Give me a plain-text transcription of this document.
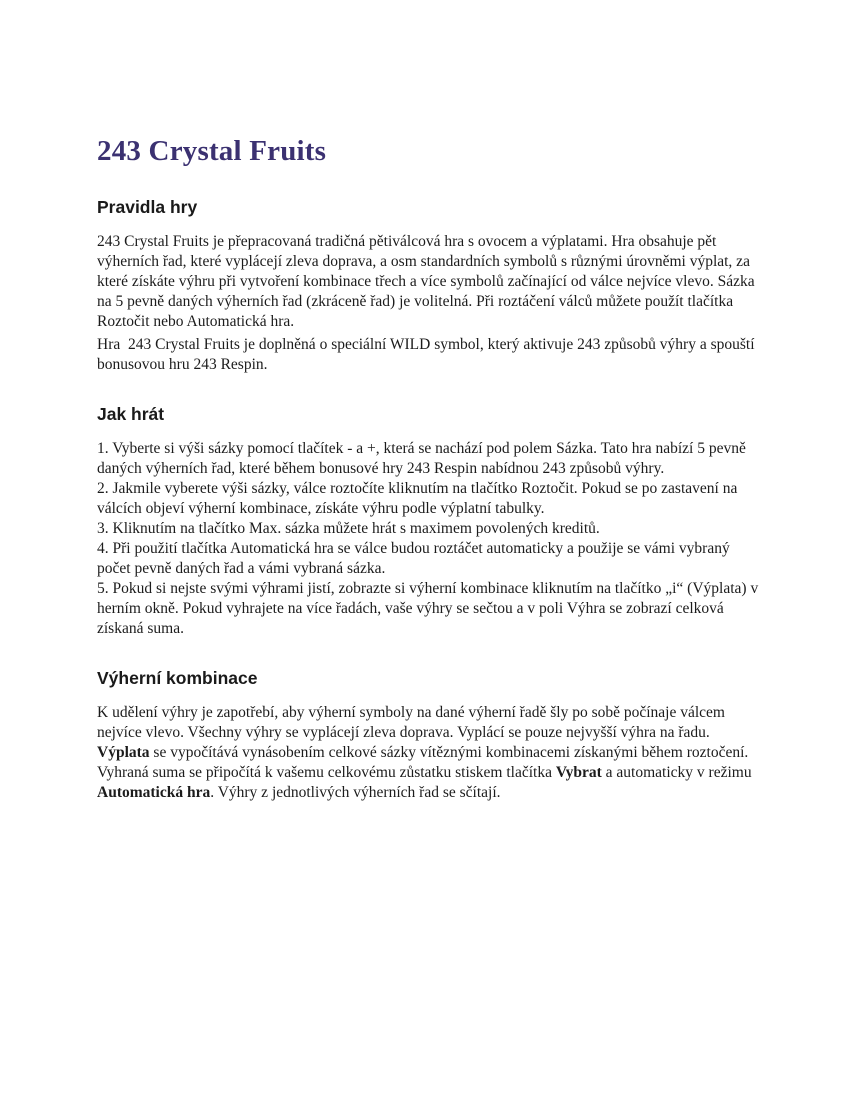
243 Crystal Fruits
Pravidla hry

243 Crystal Fruits je přepracovaná tradičná pětiválcová hra s ovocem a výplatami. Hra obsahuje pět výherních řad, které vyplácejí zleva doprava, a osm standardních symbolů s různými úrovněmi výplat, za které získáte výhru při vytvoření kombinace třech a více symbolů začínající od válce nejvíce vlevo. Sázka na 5 pevně daných výherních řad (zkráceně řad) je volitelná. Při roztáčení válců můžete použít tlačítka Roztočit nebo Automatická hra.

Hra  243 Crystal Fruits je doplněná o speciální WILD symbol, který aktivuje 243 způsobů výhry a spouští bonusovou hru 243 Respin.

Jak hrát

1. Vyberte si výši sázky pomocí tlačítek - a +, která se nachází pod polem Sázka. Tato hra nabízí 5 pevně daných výherních řad, které během bonusové hry 243 Respin nabídnou 243 způsobů výhry.

2. Jakmile vyberete výši sázky, válce roztočíte kliknutím na tlačítko Roztočit. Pokud se po zastavení na válcích objeví výherní kombinace, získáte výhru podle výplatní tabulky.

3. Kliknutím na tlačítko Max. sázka můžete hrát s maximem povolených kreditů.

4. Při použití tlačítka Automatická hra se válce budou roztáčet automaticky a použije se vámi vybraný počet pevně daných řad a vámi vybraná sázka.

5. Pokud si nejste svými výhrami jistí, zobrazte si výherní kombinace kliknutím na tlačítko „i“ (Výplata) v herním okně. Pokud vyhrajete na více řadách, vaše výhry se sečtou a v poli Výhra se zobrazí celková získaná suma.

Výherní kombinace

K udělení výhry je zapotřebí, aby výherní symboly na dané výherní řadě šly po sobě počínaje válcem nejvíce vlevo. Všechny výhry se vyplácejí zleva doprava. Vyplácí se pouze nejvyšší výhra na řadu. Výplata se vypočítává vynásobením celkové sázky vítěznými kombinacemi získanými během roztočení. Vyhraná suma se připočítá k vašemu celkovému zůstatku stiskem tlačítka Vybrat a automaticky v režimu Automatická hra. Výhry z jednotlivých výherních řad se sčítají.
